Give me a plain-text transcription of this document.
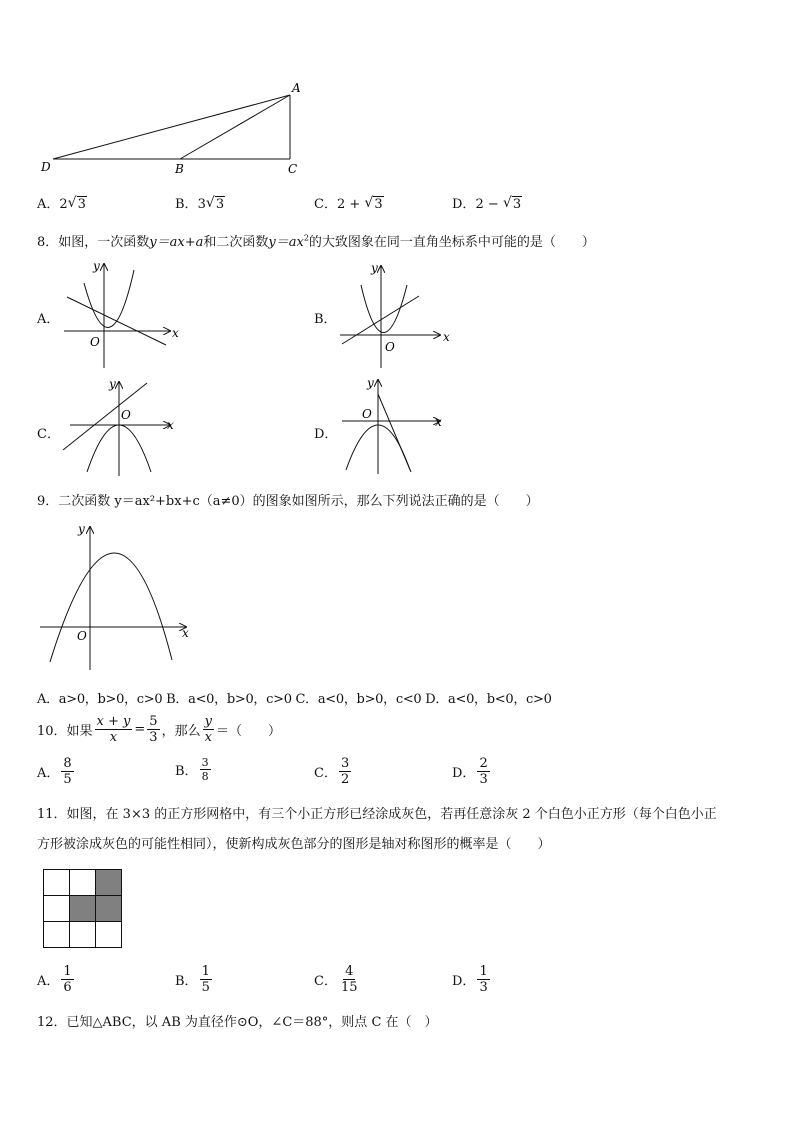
A
D	B	C
A．2 √ 3	B．3 √ 3	C．2 + √ 3	D．2 − √ 3
8．如图，一次函数y＝ax+a和二次函数$y=ax^2$的大致图象在同一直角坐标系中可能的是（　　）
A．	B．
C．	D．
y
x
O
y
x
O
y
x
O
y
x
O
9．二次函数 y＝ax²+bx+c（a≠0）的图象如图所示，那么下列说法正确的是（　　）
y
x
O
A．a>0，b>0，c>0 B．a<0，b>0，c>0 C．a<0，b>0，c<0 D．a<0，b<0，c>0
10．如果 $\frac{x + y}{x} = \frac{5}{3}$ ，那么 $\frac{y}{x}$ ＝（　　）
A． $\frac{8}{5}$	B． $\frac{3}{8}$	C． $\frac{3}{2}$	D． $\frac{2}{3}$
11．如图，在 3×3 的正方形网格中，有三个小正方形已经涂成灰色，若再任意涂灰 2 个白色小正方形（每个白色小正
方形被涂成灰色的可能性相同），使新构成灰色部分的图形是轴对称图形的概率是（　　）
A． $\frac{1}{6}$	B． $\frac{1}{5}$	C． $\frac{4}{15}$	D． $\frac{1}{3}$
12．已知△ABC，以 AB 为直径作⊙O，∠C＝88°，则点 C 在（　）
